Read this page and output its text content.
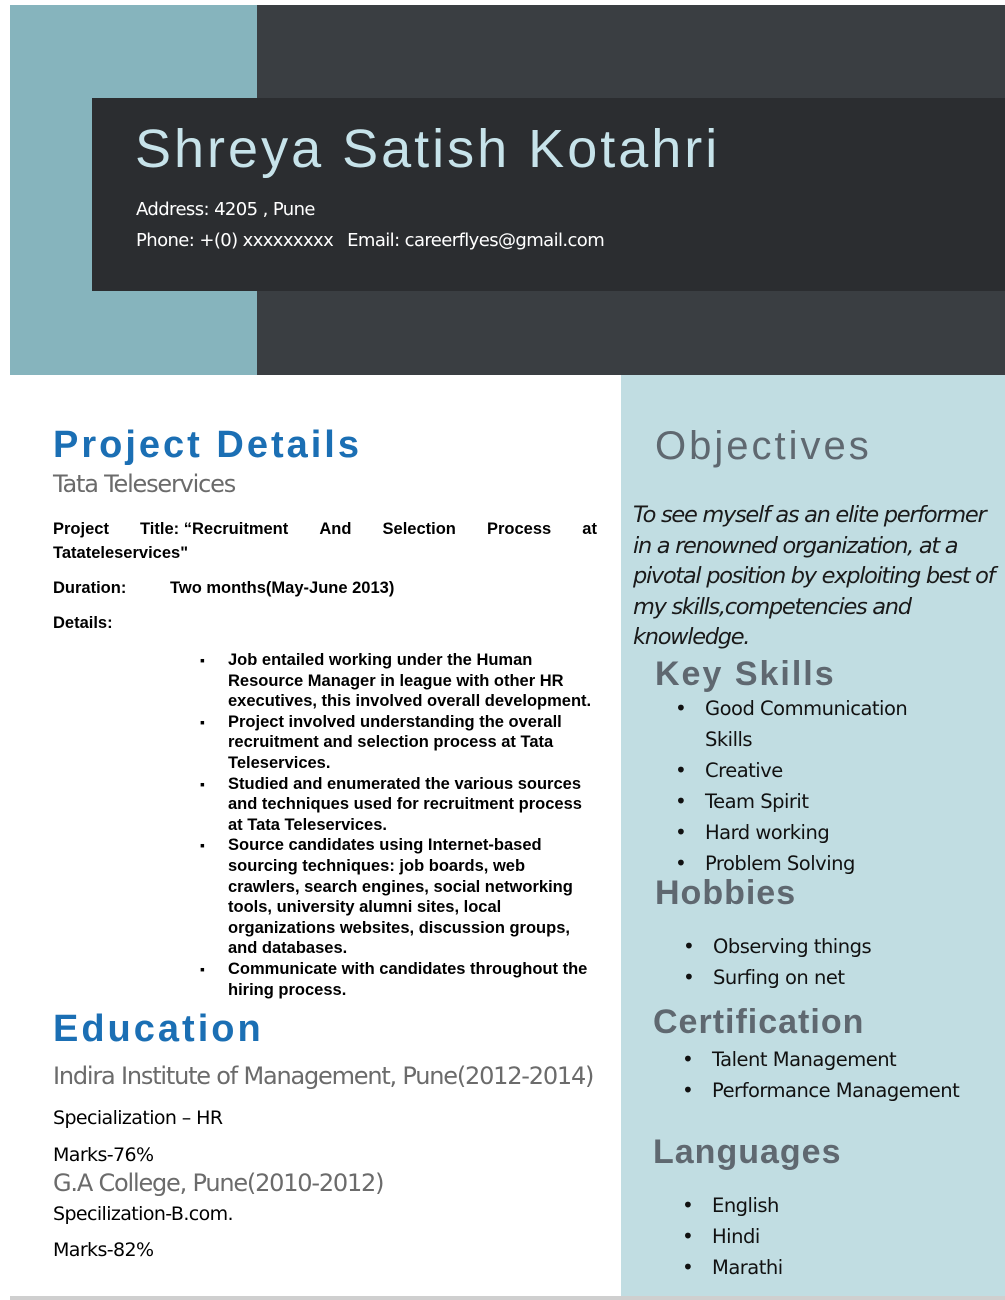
Shreya Satish Kotahri
Address: 4205 , Pune
Phone: +(0) xxxxxxxxx Email: careerflyes@gmail.com
Project Details
Tata Teleservices
Project Title: “Recruitment And Selection Process at
Tatateleservices"
Duration:	Two months(May-June 2013)
Details:
▪ Job entailed working under the Human Resource Manager in league with other HR executives, this involved overall development.
▪ Project involved understanding the overall recruitment and selection process at Tata Teleservices.
▪ Studied and enumerated the various sources and techniques used for recruitment process at Tata Teleservices.
▪ Source candidates using Internet-based sourcing techniques: job boards, web crawlers, search engines, social networking tools, university alumni sites, local organizations websites, discussion groups, and databases.
▪ Communicate with candidates throughout the hiring process.
Education
Indira Institute of Management, Pune(2012-2014)
Specialization – HR
Marks-76%
G.A College, Pune(2010-2012)
Specilization-B.com.
Marks-82%
Objectives
To see myself as an elite performer in a renowned organization, at a pivotal position by exploiting best of my skills,competencies and knowledge.
Key Skills
• Good Communication Skills
• Creative
• Team Spirit
• Hard working
• Problem Solving
Hobbies
• Observing things
• Surfing on net
Certification
• Talent Management
• Performance Management
Languages
• English
• Hindi
• Marathi
